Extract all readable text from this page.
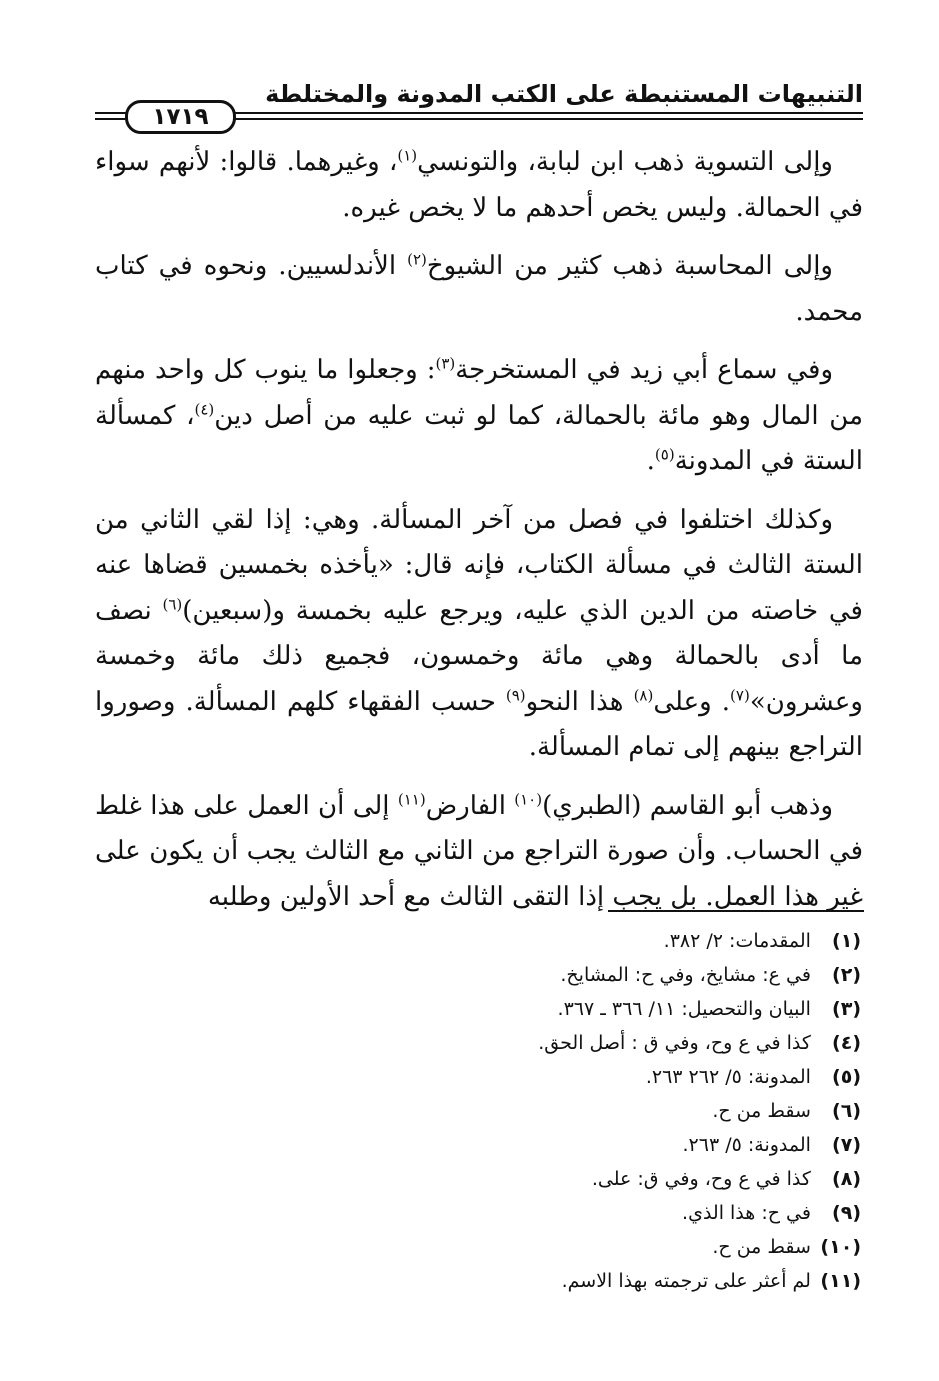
التنبيهات المستنبطة على الكتب المدونة والمختلطة
١٧١٩

وإلى التسوية ذهب ابن لبابة، والتونسي$^{(١)}$، وغيرهما. قالوا: لأنهم سواء في الحمالة. وليس يخص أحدهم ما لا يخص غيره.

وإلى المحاسبة ذهب كثير من الشيوخ$^{(٢)}$ الأندلسيين. ونحوه في كتاب محمد.

وفي سماع أبي زيد في المستخرجة$^{(٣)}$: وجعلوا ما ينوب كل واحد منهم من المال وهو مائة بالحمالة، كما لو ثبت عليه من أصل دين$^{(٤)}$، كمسألة الستة في المدونة$^{(٥)}$.

وكذلك اختلفوا في فصل من آخر المسألة. وهي: إذا لقي الثاني من الستة الثالث في مسألة الكتاب، فإنه قال: «يأخذه بخمسين قضاها عنه في خاصته من الدين الذي عليه، ويرجع عليه بخمسة و(سبعين)$^{(٦)}$ نصف ما أدى بالحمالة وهي مائة وخمسون، فجميع ذلك مائة وخمسة وعشرون»$^{(٧)}$. وعلى$^{(٨)}$ هذا النحو$^{(٩)}$ حسب الفقهاء كلهم المسألة. وصوروا التراجع بينهم إلى تمام المسألة.

وذهب أبو القاسم (الطبري)$^{(١٠)}$ الفارض$^{(١١)}$ إلى أن العمل على هذا غلط في الحساب. وأن صورة التراجع من الثاني مع الثالث يجب أن يكون على غير هذا العمل. بل يجب إذا التقى الثالث مع أحد الأولين وطلبه

(١) المقدمات: ٢/ ٣٨٢.
(٢) في ع: مشايخ، وفي ح: المشايخ.
(٣) البيان والتحصيل: ١١/ ٣٦٦ ـ ٣٦٧.
(٤) كذا في ع وح، وفي ق : أصل الحق.
(٥) المدونة: ٥/ ٢٦٢ ٢٦٣.
(٦) سقط من ح.
(٧) المدونة: ٥/ ٢٦٣.
(٨) كذا في ع وح، وفي ق: على.
(٩) في ح: هذا الذي.
(١٠) سقط من ح.
(١١) لم أعثر على ترجمته بهذا الاسم.
